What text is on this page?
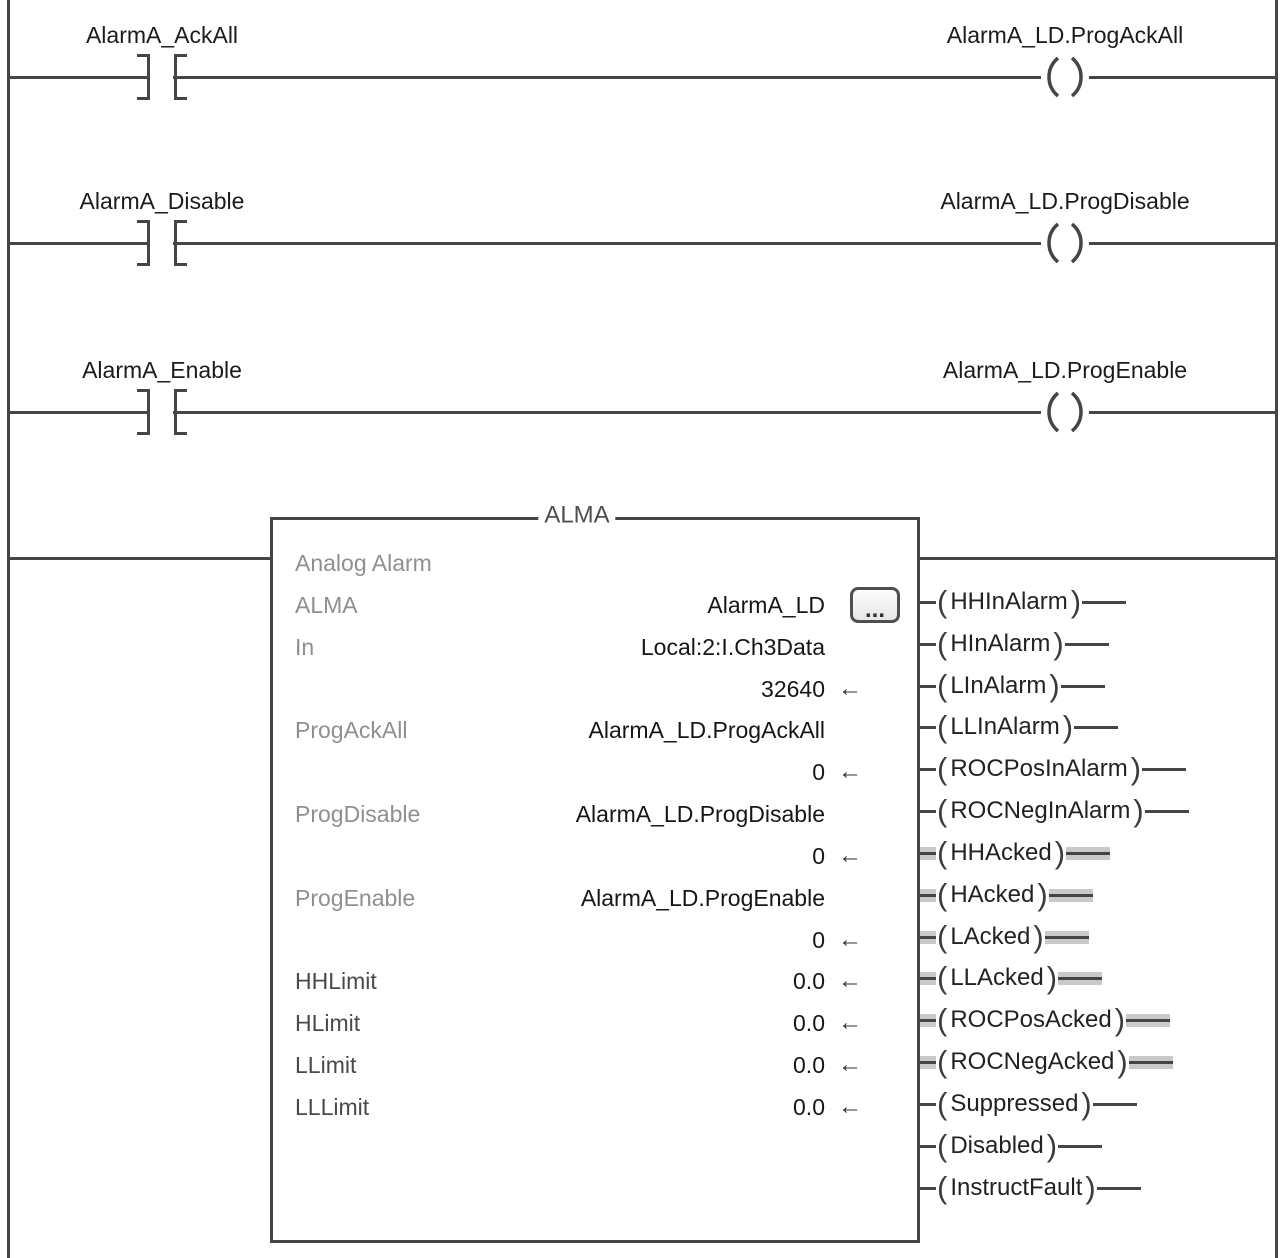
AlarmA_AckAll	AlarmA_LD.ProgAckAll
AlarmA_Disable	AlarmA_LD.ProgDisable
AlarmA_Enable	AlarmA_LD.ProgEnable
Analog Alarm
ALMA	AlarmA_LD ...
In	Local:2:I.Ch3Data
32640 ←
ProgAckAll	AlarmA_LD.ProgAckAll
0 ←
ProgDisable	AlarmA_LD.ProgDisable
0 ←
ProgEnable	AlarmA_LD.ProgEnable
0 ←
HHLimit	0.0 ←
HLimit	0.0 ←
LLimit	0.0 ←
LLLimit	0.0 ←
ALMA
( HHInAlarm )
( HInAlarm )
( LInAlarm )
( LLInAlarm )
( ROCPosInAlarm )
( ROCNegInAlarm )
( HHAcked )
( HAcked )
( LAcked )
( LLAcked )
( ROCPosAcked )
( ROCNegAcked )
( Suppressed )
( Disabled )
( InstructFault )
